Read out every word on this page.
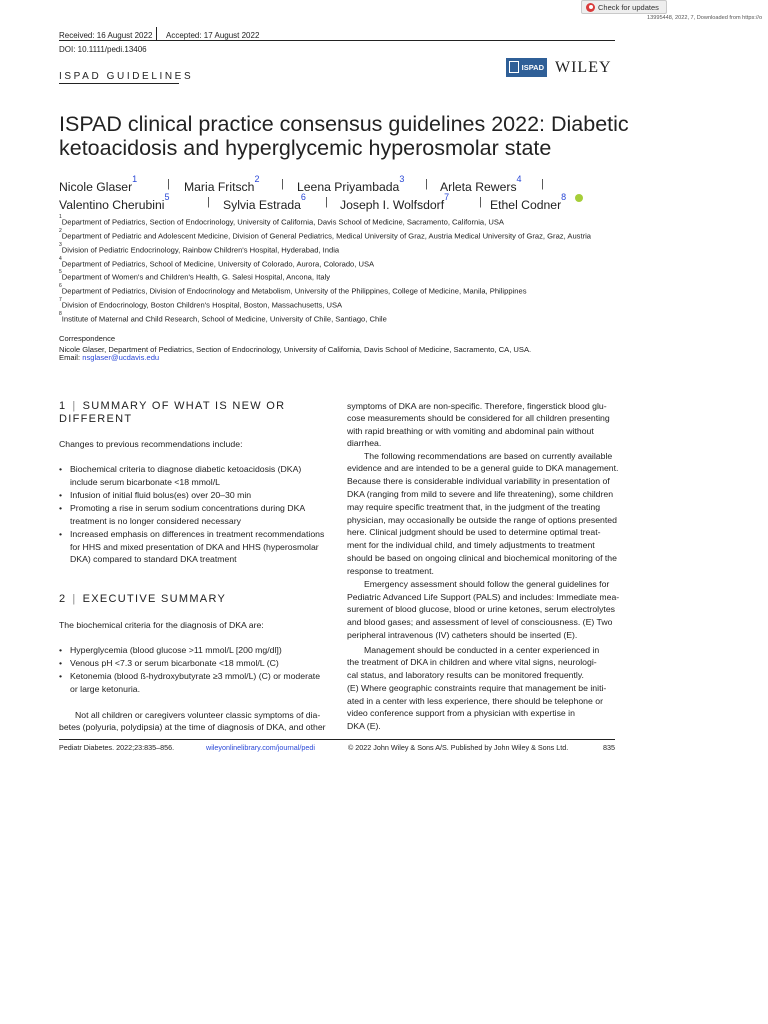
Check for updates
13995448, 2022, 7, Downloaded from https://o
Received: 16 August 2022 Accepted: 17 August 2022
DOI: 10.1111/pedi.13406
ISPAD GUIDELINES
ISPAD WILEY
ISPAD clinical practice consensus guidelines 2022: Diabetic
ketoacidosis and hyperglycemic hyperosmolar state
Nicole Glaser$^1$	| Maria Fritsch$^2$ | Leena Priyambada$^3$ | Arleta Rewers$^4$ |
Valentino Cherubini$^5$	| Sylvia Estrada$^6$ | Joseph I. Wolfsdorf$^7$	| Ethel Codner$^8$
$^1$Department of Pediatrics, Section of Endocrinology, University of California, Davis School of Medicine, Sacramento, California, USA
$^2$Department of Pediatric and Adolescent Medicine, Division of General Pediatrics, Medical University of Graz, Austria Medical University of Graz, Graz, Austria
$^3$Division of Pediatric Endocrinology, Rainbow Children's Hospital, Hyderabad, India
$^4$Department of Pediatrics, School of Medicine, University of Colorado, Aurora, Colorado, USA
$^5$Department of Women's and Children's Health, G. Salesi Hospital, Ancona, Italy
$^6$Department of Pediatrics, Division of Endocrinology and Metabolism, University of the Philippines, College of Medicine, Manila, Philippines
$^7$Division of Endocrinology, Boston Children's Hospital, Boston, Massachusetts, USA
$^8$Institute of Maternal and Child Research, School of Medicine, University of Chile, Santiago, Chile
Correspondence
Nicole Glaser, Department of Pediatrics, Section of Endocrinology, University of California, Davis School of Medicine, Sacramento, CA, USA.
Email: nsglaser@ucdavis.edu
1 | SUMMARY OF WHAT IS NEW OR
DIFFERENT
Changes to previous recommendations include:
• Biochemical criteria to diagnose diabetic ketoacidosis (DKA)
include serum bicarbonate <18 mmol/L
• Infusion of initial fluid bolus(es) over 20–30 min
• Promoting a rise in serum sodium concentrations during DKA
treatment is no longer considered necessary
• Increased emphasis on differences in treatment recommendations
for HHS and mixed presentation of DKA and HHS (hyperosmolar
DKA) compared to standard DKA treatment
2 | EXECUTIVE SUMMARY
The biochemical criteria for the diagnosis of DKA are:
• Hyperglycemia (blood glucose >11 mmol/L [200 mg/dl])
• Venous pH <7.3 or serum bicarbonate <18 mmol/L (C)
• Ketonemia (blood ß-hydroxybutyrate ≥3 mmol/L) (C) or moderate
or large ketonuria.
Not all children or caregivers volunteer classic symptoms of dia-
betes (polyuria, polydipsia) at the time of diagnosis of DKA, and other
Pediatr Diabetes. 2022;23:835–856.	wileyonlinelibrary.com/journal/pedi	© 2022 John Wiley & Sons A/S. Published by John Wiley & Sons Ltd.	835
symptoms of DKA are non-specific. Therefore, fingerstick blood glu-
cose measurements should be considered for all children presenting
with rapid breathing or with vomiting and abdominal pain without
diarrhea.
The following recommendations are based on currently available
evidence and are intended to be a general guide to DKA management.
Because there is considerable individual variability in presentation of
DKA (ranging from mild to severe and life threatening), some children
may require specific treatment that, in the judgment of the treating
physician, may occasionally be outside the range of options presented
here. Clinical judgment should be used to determine optimal treat-
ment for the individual child, and timely adjustments to treatment
should be based on ongoing clinical and biochemical monitoring of the
response to treatment.
Emergency assessment should follow the general guidelines for
Pediatric Advanced Life Support (PALS) and includes: Immediate mea-
surement of blood glucose, blood or urine ketones, serum electrolytes
and blood gases; and assessment of level of consciousness. (E) Two
peripheral intravenous (IV) catheters should be inserted (E).
Management should be conducted in a center experienced in
the treatment of DKA in children and where vital signs, neurologi-
cal status, and laboratory results can be monitored frequently.
(E) Where geographic constraints require that management be initi-
ated in a center with less experience, there should be telephone or
video conference support from a physician with expertise in
DKA (E).
